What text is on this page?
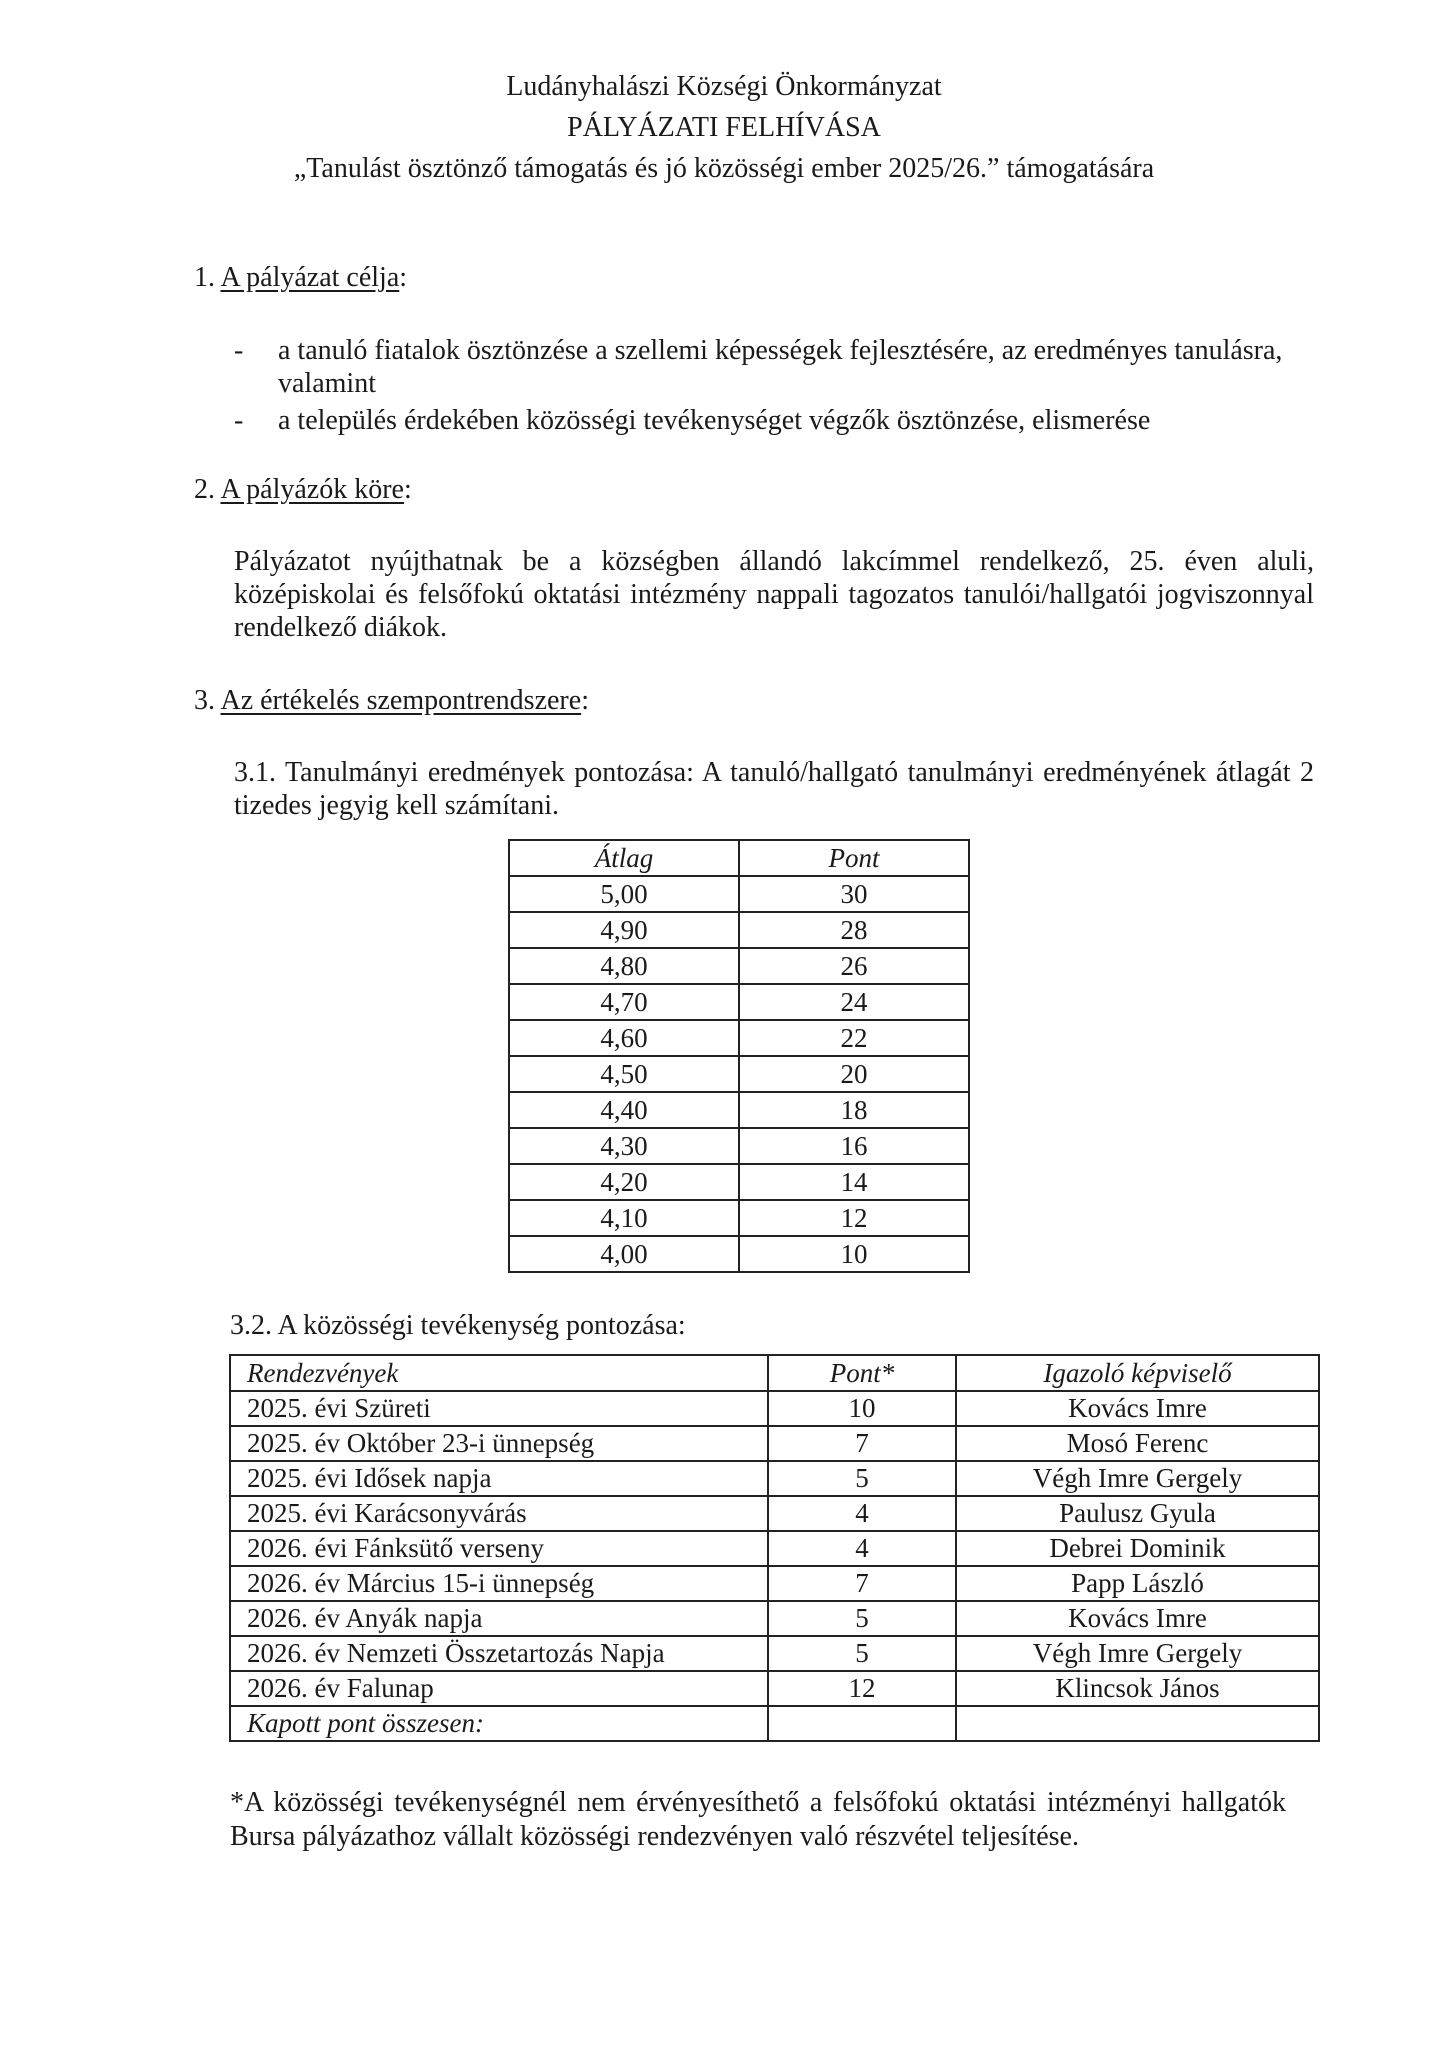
Ludányhalászi Községi Önkormányzat
PÁLYÁZATI FELHÍVÁSA
„Tanulást ösztönző támogatás és jó közösségi ember 2025/26.” támogatására
1. A pályázat célja:
- a tanuló fiatalok ösztönzése a szellemi képességek fejlesztésére, az eredményes tanulásra, valamint
- a település érdekében közösségi tevékenységet végzők ösztönzése, elismerése
2. A pályázók köre:
Pályázatot nyújthatnak be a községben állandó lakcímmel rendelkező, 25. éven aluli, középiskolai és felsőfokú oktatási intézmény nappali tagozatos tanulói/hallgatói jogviszonnyal rendelkező diákok.
3. Az értékelés szempontrendszere:
3.1. Tanulmányi eredmények pontozása: A tanuló/hallgató tanulmányi eredményének átlagát 2 tizedes jegyig kell számítani.
Átlag	Pont
5,00	30
4,90	28
4,80	26
4,70	24
4,60	22
4,50	20
4,40	18
4,30	16
4,20	14
4,10	12
4,00	10
3.2. A közösségi tevékenység pontozása:
Rendezvények	Pont*	Igazoló képviselő
2025. évi Szüreti	10	Kovács Imre
2025. év Október 23-i ünnepség	7	Mosó Ferenc
2025. évi Idősek napja	5	Végh Imre Gergely
2025. évi Karácsonyvárás	4	Paulusz Gyula
2026. évi Fánksütő verseny	4	Debrei Dominik
2026. év Március 15-i ünnepség	7	Papp László
2026. év Anyák napja	5	Kovács Imre
2026. év Nemzeti Összetartozás Napja	5	Végh Imre Gergely
2026. év Falunap	12	Klincsok János
Kapott pont összesen:		
*A közösségi tevékenységnél nem érvényesíthető a felsőfokú oktatási intézményi hallgatók Bursa pályázathoz vállalt közösségi rendezvényen való részvétel teljesítése.
